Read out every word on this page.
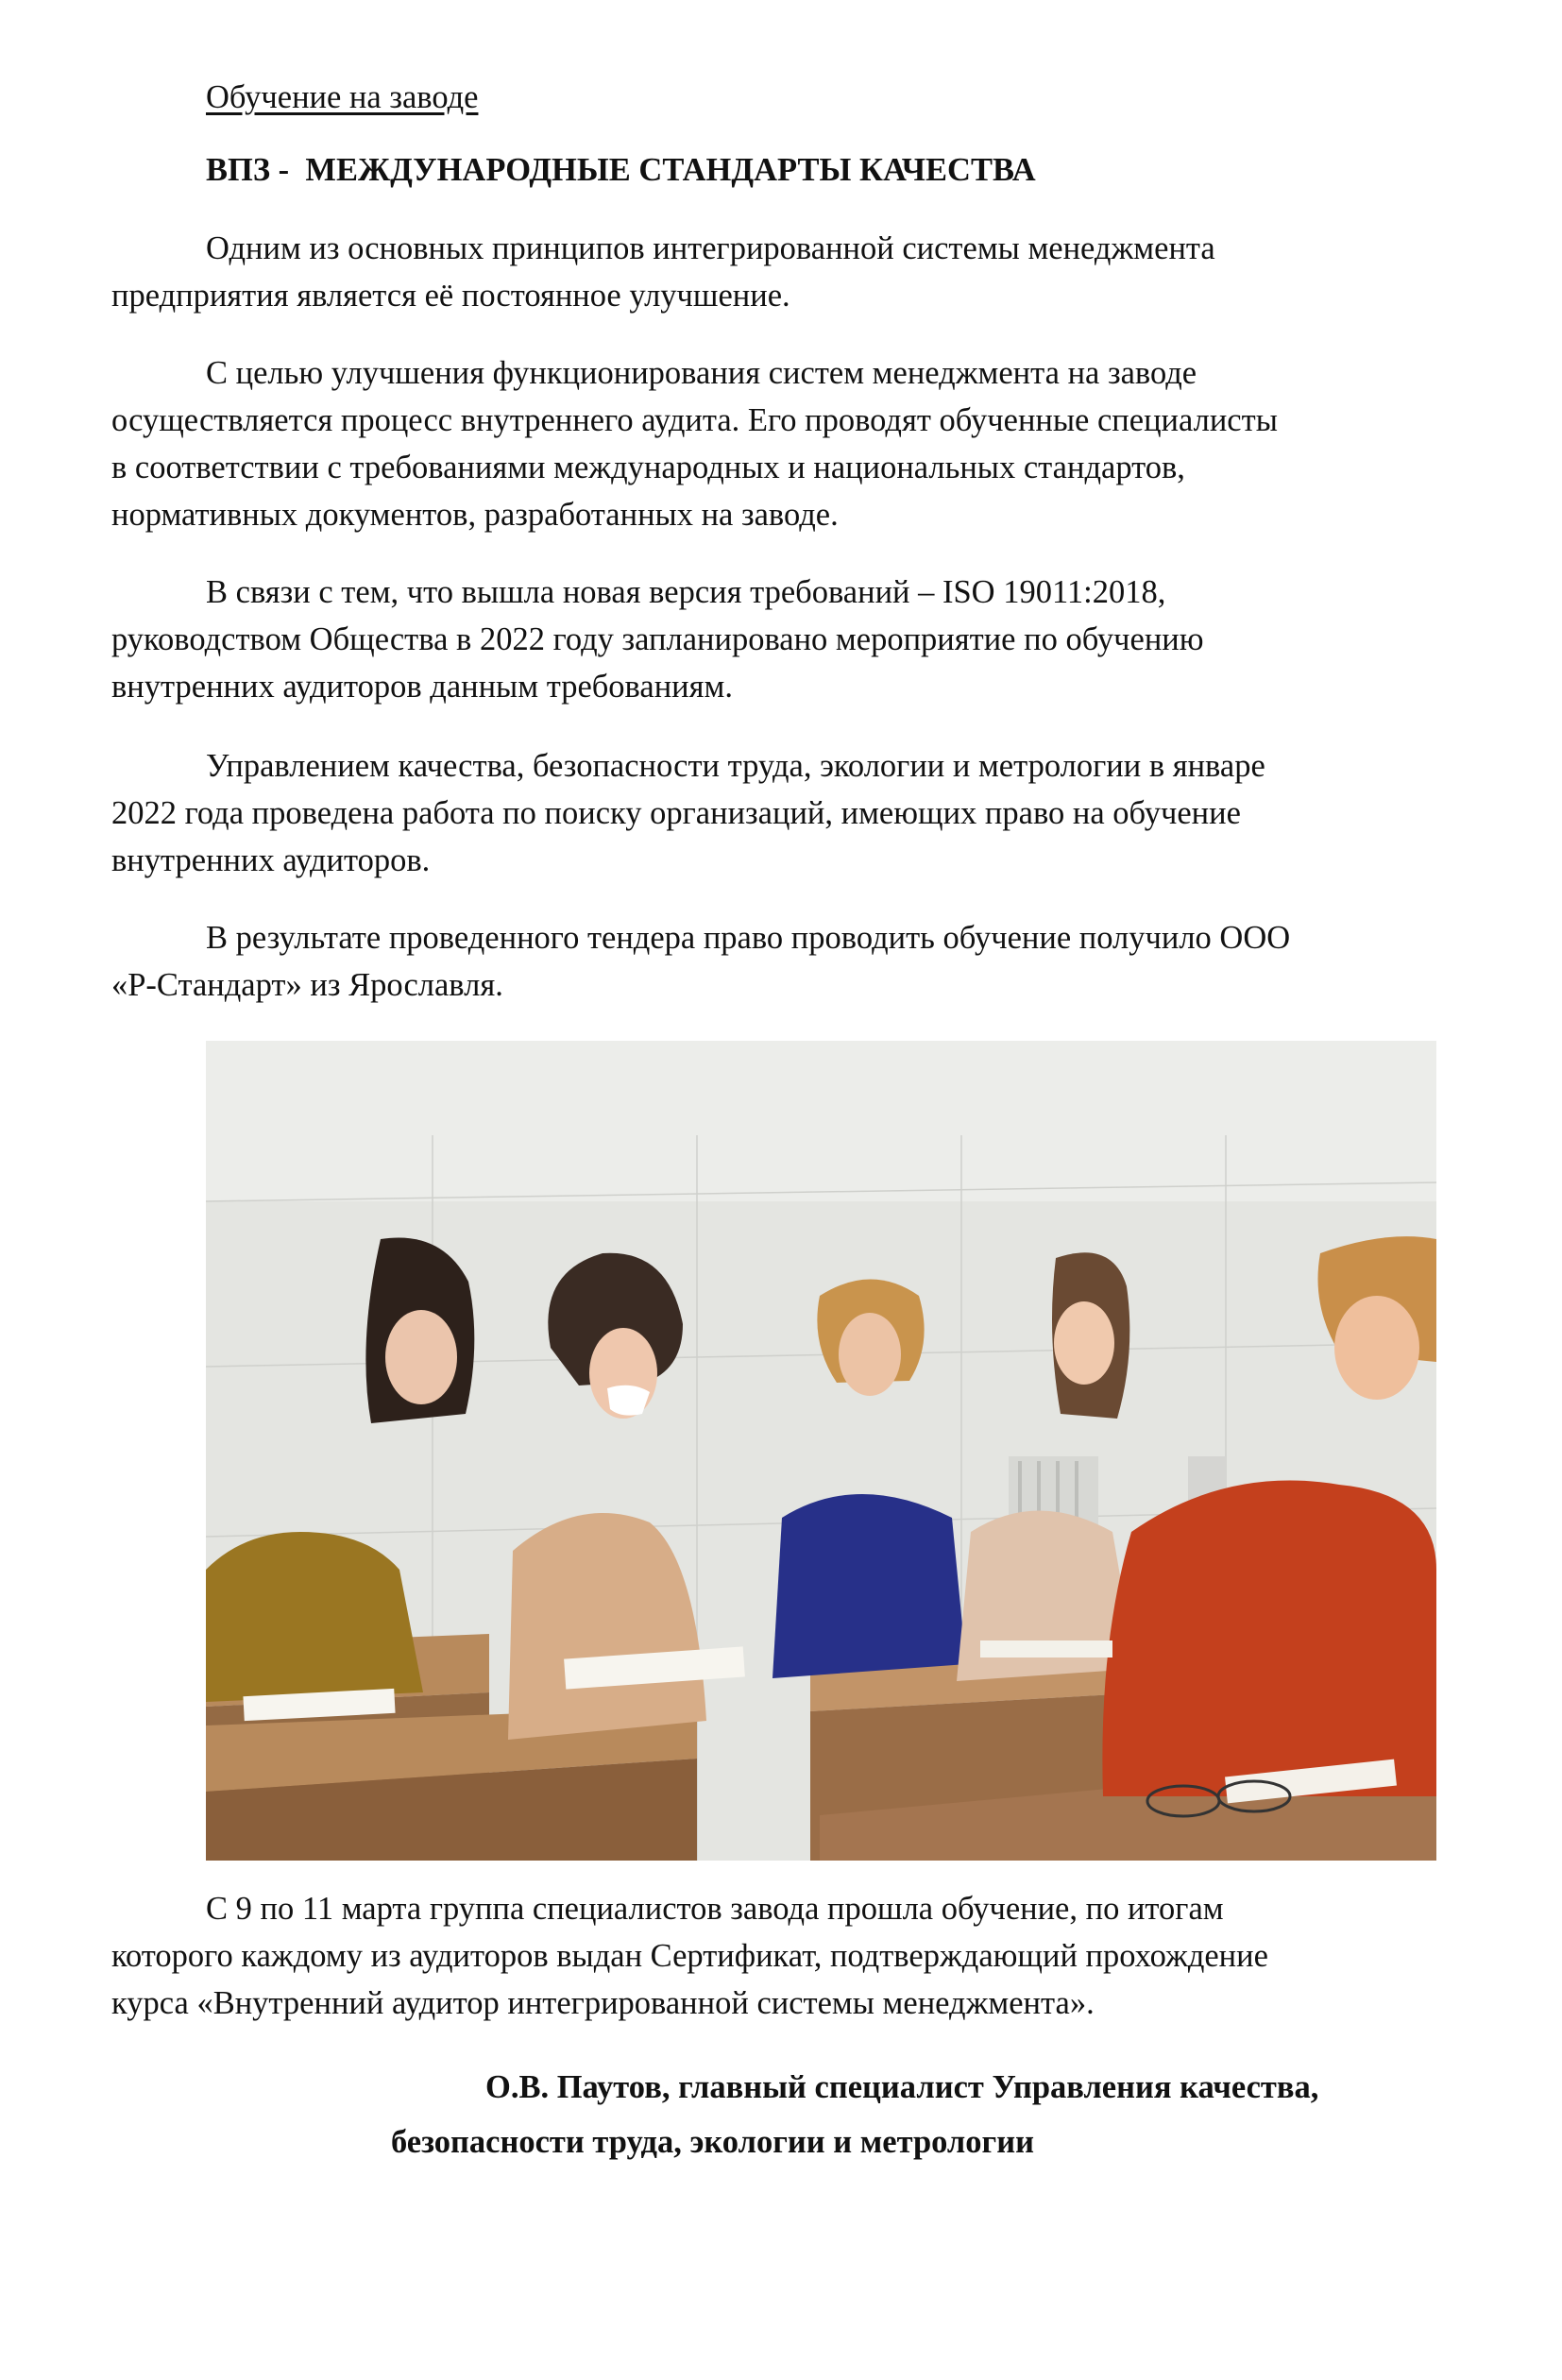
Обучение на заводе
ВПЗ -  МЕЖДУНАРОДНЫЕ СТАНДАРТЫ КАЧЕСТВА
Одним из основных принципов интегрированной системы менеджмента
предприятия является её постоянное улучшение.
С целью улучшения функционирования систем менеджмента на заводе
осуществляется процесс внутреннего аудита. Его проводят обученные специалисты
в соответствии с требованиями международных и национальных стандартов,
нормативных документов, разработанных на заводе.
В связи с тем, что вышла новая версия требований – ISO 19011:2018,
руководством Общества в 2022 году запланировано мероприятие по обучению
внутренних аудиторов данным требованиям.
Управлением качества, безопасности труда, экологии и метрологии в январе
2022 года проведена работа по поиску организаций, имеющих право на обучение
внутренних аудиторов.
В результате проведенного тендера право проводить обучение получило ООО
«Р-Стандарт» из Ярославля.
С 9 по 11 марта группа специалистов завода прошла обучение, по итогам
которого каждому из аудиторов выдан Сертификат, подтверждающий прохождение
курса «Внутренний аудитор интегрированной системы менеджмента».
О.В. Паутов, главный специалист Управления качества,
безопасности труда, экологии и метрологии
